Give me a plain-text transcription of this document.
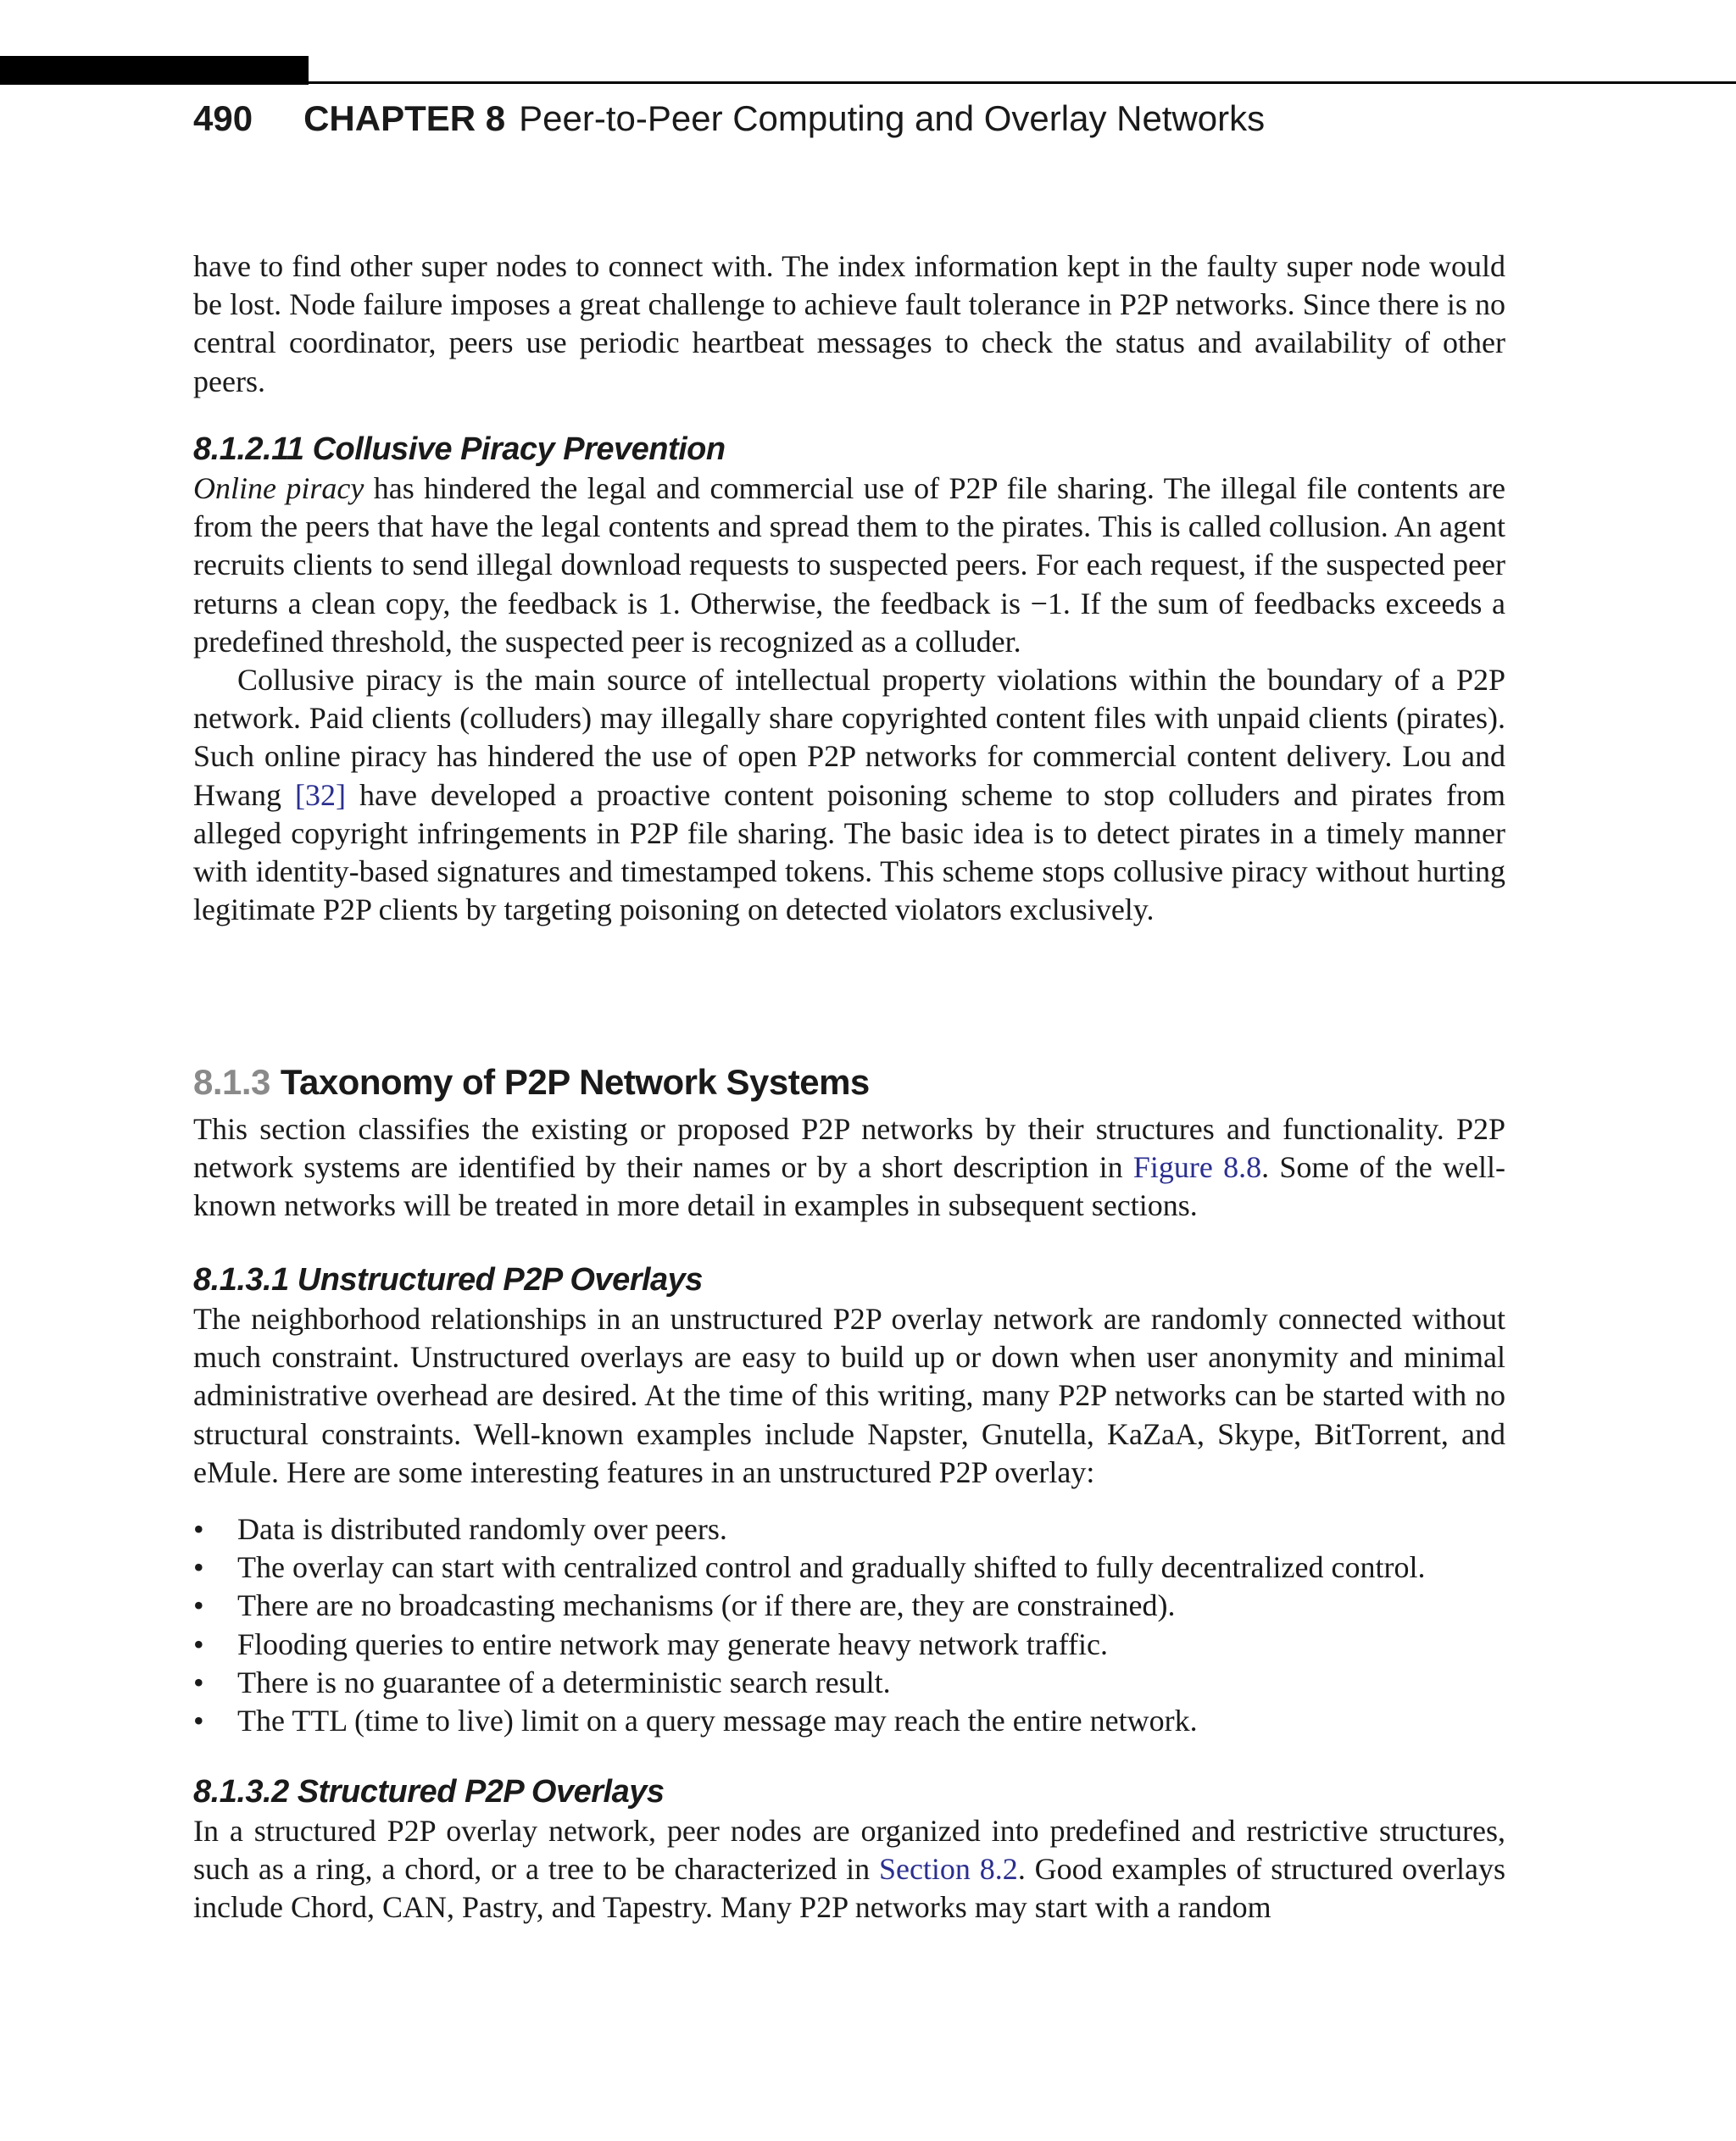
490 CHAPTER 8 Peer-to-Peer Computing and Overlay Networks

have to find other super nodes to connect with. The index information kept in the faulty super node would be lost. Node failure imposes a great challenge to achieve fault tolerance in P2P networks. Since there is no central coordinator, peers use periodic heartbeat messages to check the status and availability of other peers.

8.1.2.11 Collusive Piracy Prevention

Online piracy has hindered the legal and commercial use of P2P file sharing. The illegal file contents are from the peers that have the legal contents and spread them to the pirates. This is called collusion. An agent recruits clients to send illegal download requests to suspected peers. For each request, if the suspected peer returns a clean copy, the feedback is 1. Otherwise, the feedback is −1. If the sum of feedbacks exceeds a predefined threshold, the suspected peer is recognized as a colluder.

Collusive piracy is the main source of intellectual property violations within the boundary of a P2P network. Paid clients (colluders) may illegally share copyrighted content files with unpaid clients (pirates). Such online piracy has hindered the use of open P2P networks for commercial content delivery. Lou and Hwang [32] have developed a proactive content poisoning scheme to stop colluders and pirates from alleged copyright infringements in P2P file sharing. The basic idea is to detect pirates in a timely manner with identity-based signatures and timestamped tokens. This scheme stops collusive piracy without hurting legitimate P2P clients by targeting poisoning on detected violators exclusively.

8.1.3 Taxonomy of P2P Network Systems

This section classifies the existing or proposed P2P networks by their structures and functionality. P2P network systems are identified by their names or by a short description in Figure 8.8. Some of the well-known networks will be treated in more detail in examples in subsequent sections.

8.1.3.1 Unstructured P2P Overlays

The neighborhood relationships in an unstructured P2P overlay network are randomly connected without much constraint. Unstructured overlays are easy to build up or down when user anonymity and minimal administrative overhead are desired. At the time of this writing, many P2P networks can be started with no structural constraints. Well-known examples include Napster, Gnutella, KaZaA, Skype, BitTorrent, and eMule. Here are some interesting features in an unstructured P2P overlay:

• Data is distributed randomly over peers.
• The overlay can start with centralized control and gradually shifted to fully decentralized control.
• There are no broadcasting mechanisms (or if there are, they are constrained).
• Flooding queries to entire network may generate heavy network traffic.
• There is no guarantee of a deterministic search result.
• The TTL (time to live) limit on a query message may reach the entire network.
8.1.3.2 Structured P2P Overlays

In a structured P2P overlay network, peer nodes are organized into predefined and restrictive structures, such as a ring, a chord, or a tree to be characterized in Section 8.2. Good examples of structured overlays include Chord, CAN, Pastry, and Tapestry. Many P2P networks may start with a random
